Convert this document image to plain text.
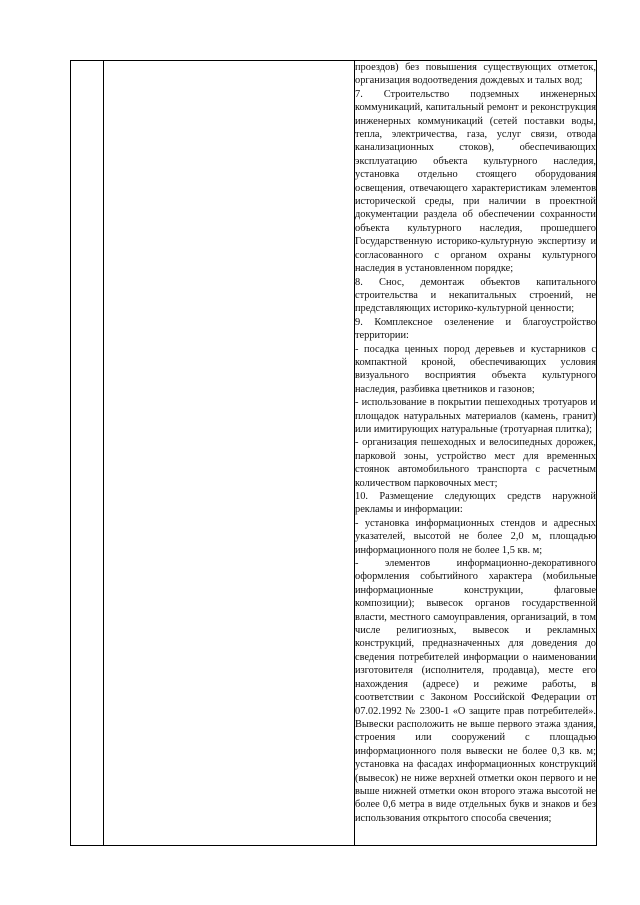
проездов) без повышения существующих отметок, организация водоотведения дождевых и талых вод;

7. Строительство подземных инженерных коммуникаций, капитальный ремонт и реконструкция инженерных коммуникаций (сетей поставки воды, тепла, электричества, газа, услуг связи, отвода канализационных стоков), обеспечивающих эксплуатацию объекта культурного наследия, установка отдельно стоящего оборудования освещения, отвечающего характеристикам элементов исторической среды, при наличии в проектной документации раздела об обеспечении сохранности объекта культурного наследия, прошедшего Государственную историко-культурную экспертизу и согласованного с органом охраны культурного наследия в установленном порядке;

8. Снос, демонтаж объектов капитального строительства и некапитальных строений, не представляющих историко-культурной ценности;

9. Комплексное озеленение и благоустройство территории:

- посадка ценных пород деревьев и кустарников с компактной кроной, обеспечивающих условия визуального восприятия объекта культурного наследия, разбивка цветников и газонов;

- использование в покрытии пешеходных тротуаров и площадок натуральных материалов (камень, гранит) или имитирующих натуральные (тротуарная плитка);

- организация пешеходных и велосипедных дорожек, парковой зоны, устройство мест для временных стоянок автомобильного транспорта с расчетным количеством парковочных мест;

10. Размещение следующих средств наружной рекламы и информации:

- установка информационных стендов и адресных указателей, высотой не более 2,0 м, площадью информационного поля не более 1,5 кв. м;

- элементов информационно-декоративного оформления событийного характера (мобильные информационные конструкции, флаговые композиции); вывесок органов государственной власти, местного самоуправления, организаций, в том числе религиозных, вывесок и рекламных конструкций, предназначенных для доведения до сведения потребителей информации о наименовании изготовителя (исполнителя, продавца), месте его нахождения (адресе) и режиме работы, в соответствии с Законом Российской Федерации от 07.02.1992 № 2300-1 «О защите прав потребителей». Вывески расположить не выше первого этажа здания, строения или сооружений с площадью информационного поля вывески не более 0,3 кв. м; установка на фасадах информационных конструкций (вывесок) не ниже верхней отметки окон первого и не выше нижней отметки окон второго этажа высотой не более 0,6 метра в виде отдельных букв и знаков и без использования открытого способа свечения;
